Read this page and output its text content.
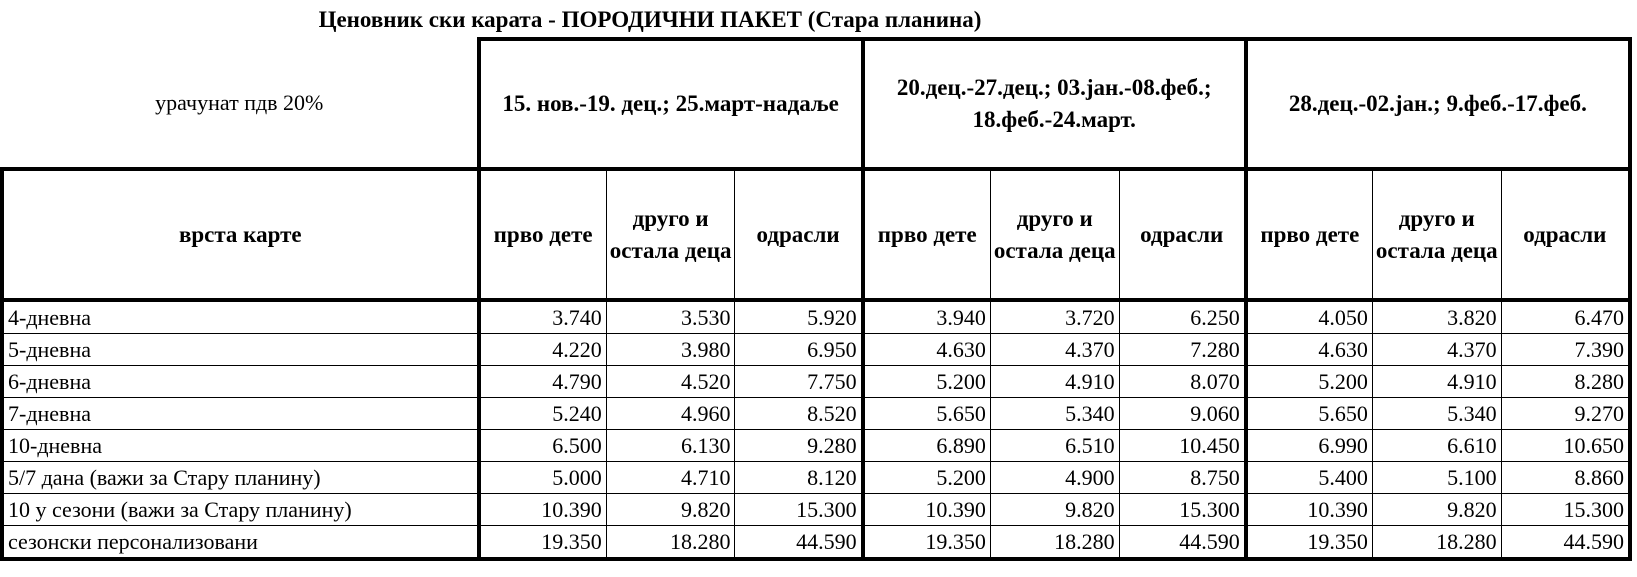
Ценовник ски карата - ПОРОДИЧНИ ПАКЕТ (Стара планина)
урачунат пдв 20%	15. нов.-19. дец.; 25.март-надаље			20.дец.-27.дец.; 03.јан.-08.феб.; 18.феб.-24.март.			28.дец.-02.јан.; 9.феб.-17.феб.		
врста карте	прво дете	друго и остала деца	одрасли	прво дете	друго и остала деца	одрасли	прво дете	друго и остала деца	одрасли
4-дневна	3.740	3.530	5.920	3.940	3.720	6.250	4.050	3.820	6.470
5-дневна	4.220	3.980	6.950	4.630	4.370	7.280	4.630	4.370	7.390
6-дневна	4.790	4.520	7.750	5.200	4.910	8.070	5.200	4.910	8.280
7-дневна	5.240	4.960	8.520	5.650	5.340	9.060	5.650	5.340	9.270
10-дневна	6.500	6.130	9.280	6.890	6.510	10.450	6.990	6.610	10.650
5/7 дана (важи за Стару планину)	5.000	4.710	8.120	5.200	4.900	8.750	5.400	5.100	8.860
10 у сезони (важи за Стару планину)	10.390	9.820	15.300	10.390	9.820	15.300	10.390	9.820	15.300
сезонски персонализовани	19.350	18.280	44.590	19.350	18.280	44.590	19.350	18.280	44.590
